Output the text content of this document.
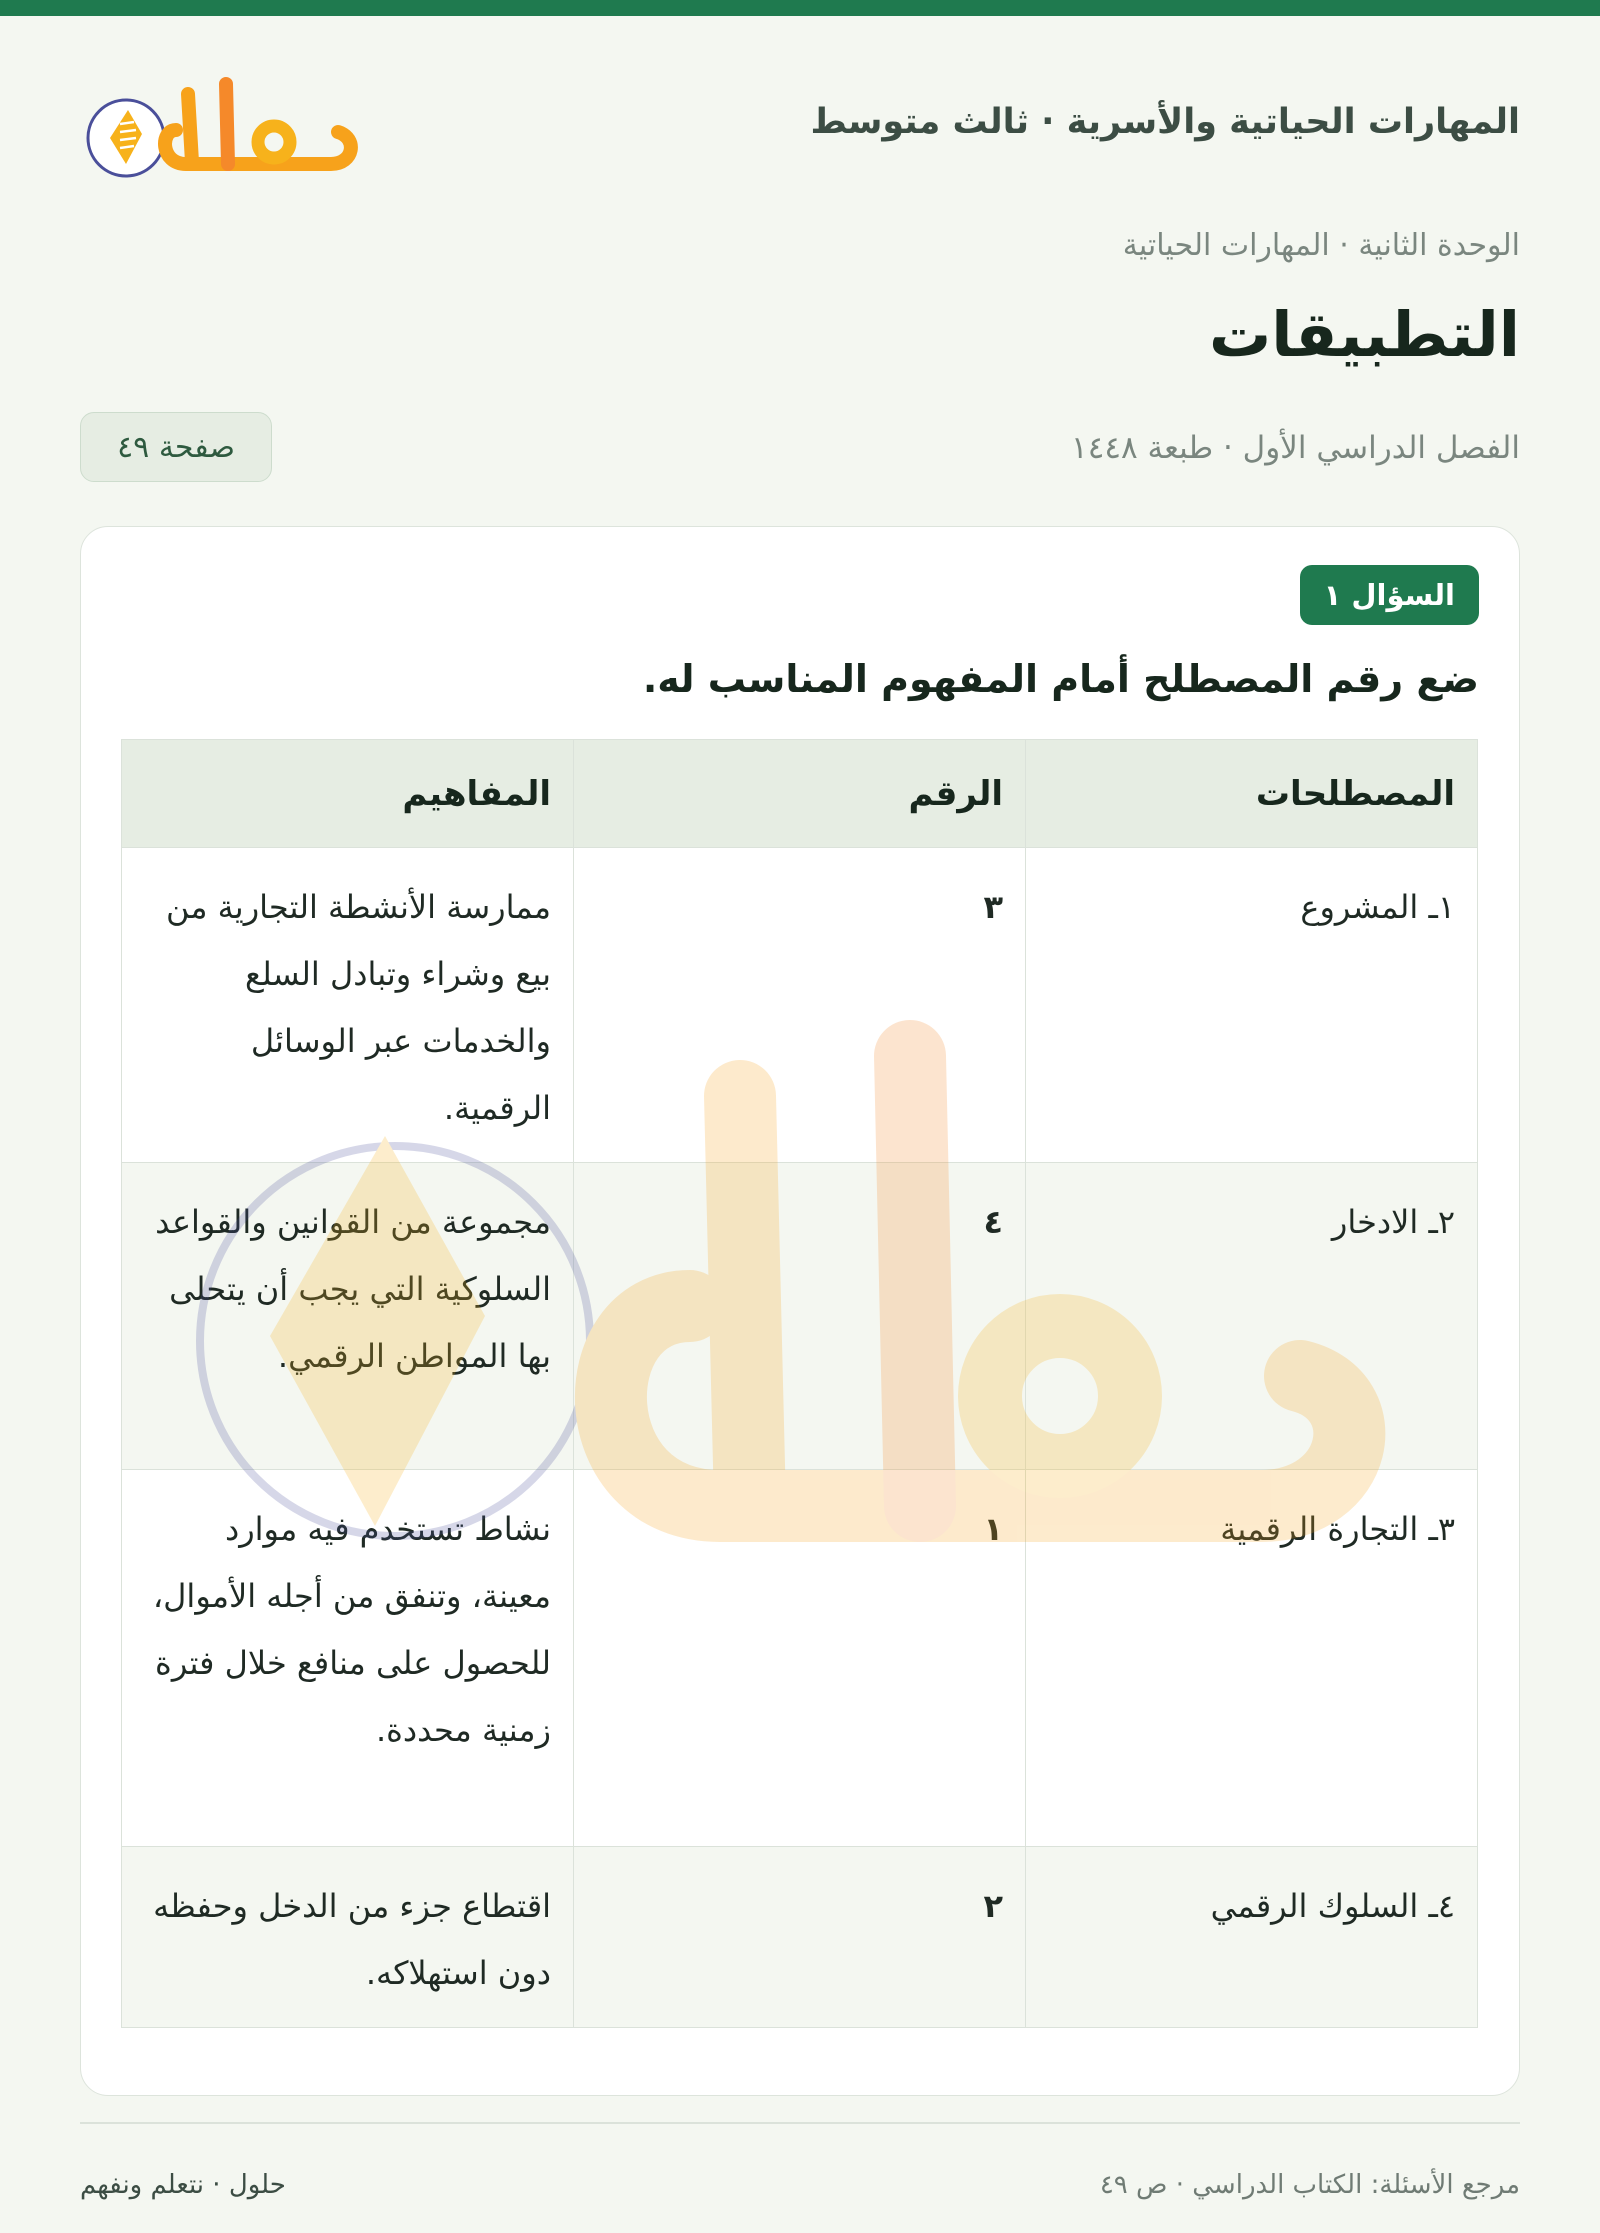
المهارات الحياتية والأسرية · ثالث متوسط
حلول
الوحدة الثانية · المهارات الحياتية
التطبيقات
الفصل الدراسي الأول · طبعة ١٤٤٨
صفحة ٤٩
السؤال ١
ضع رقم المصطلح أمام المفهوم المناسب له.
المصطلحات	الرقم	المفاهيم
١ـ المشروع	٣	ممارسة الأنشطة التجارية من بيع وشراء وتبادل السلع والخدمات عبر الوسائل الرقمية.
٢ـ الادخار	٤	مجموعة من القوانين والقواعد السلوكية التي يجب أن يتحلى بها المواطن الرقمي.
٣ـ التجارة الرقمية	١	نشاط تستخدم فيه موارد معينة، وتنفق من أجله الأموال، للحصول على منافع خلال فترة زمنية محددة.
٤ـ السلوك الرقمي	٢	اقتطاع جزء من الدخل وحفظه دون استهلاكه.
مرجع الأسئلة: الكتاب الدراسي · ص ٤٩
حلول · نتعلم ونفهم
